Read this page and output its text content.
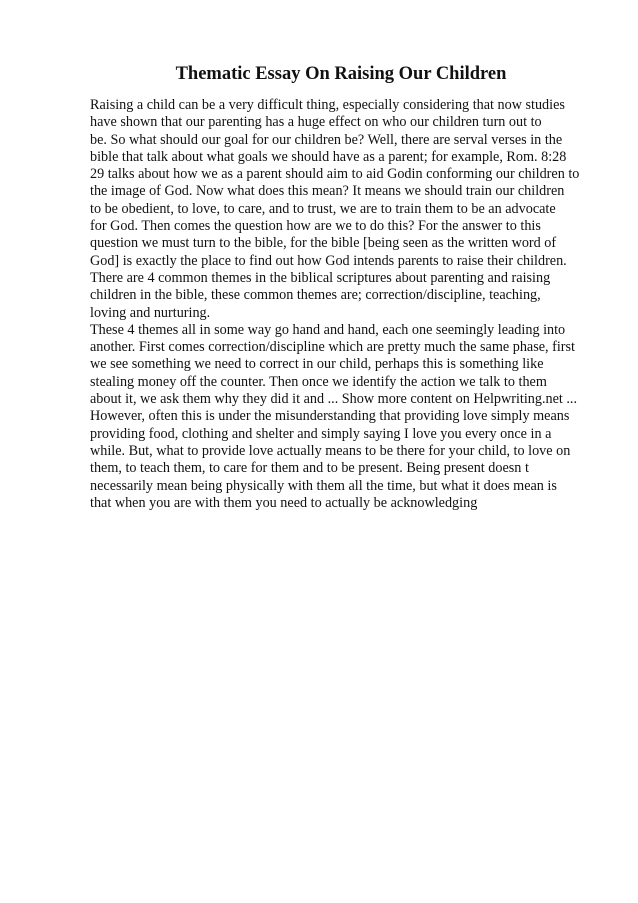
Thematic Essay On Raising Our Children
Raising a child can be a very difficult thing, especially considering that now studies
have shown that our parenting has a huge effect on who our children turn out to
be. So what should our goal for our children be? Well, there are serval verses in the
bible that talk about what goals we should have as a parent; for example, Rom. 8:28
29 talks about how we as a parent should aim to aid Godin conforming our children to
the image of God. Now what does this mean? It means we should train our children
to be obedient, to love, to care, and to trust, we are to train them to be an advocate
for God. Then comes the question how are we to do this? For the answer to this
question we must turn to the bible, for the bible [being seen as the written word of
God] is exactly the place to find out how God intends parents to raise their children.
There are 4 common themes in the biblical scriptures about parenting and raising
children in the bible, these common themes are; correction/discipline, teaching,
loving and nurturing.
These 4 themes all in some way go hand and hand, each one seemingly leading into
another. First comes correction/discipline which are pretty much the same phase, first
we see something we need to correct in our child, perhaps this is something like
stealing money off the counter. Then once we identify the action we talk to them
about it, we ask them why they did it and ... Show more content on Helpwriting.net ...
However, often this is under the misunderstanding that providing love simply means
providing food, clothing and shelter and simply saying I love you every once in a
while. But, what to provide love actually means to be there for your child, to love on
them, to teach them, to care for them and to be present. Being present doesn t
necessarily mean being physically with them all the time, but what it does mean is
that when you are with them you need to actually be acknowledging
